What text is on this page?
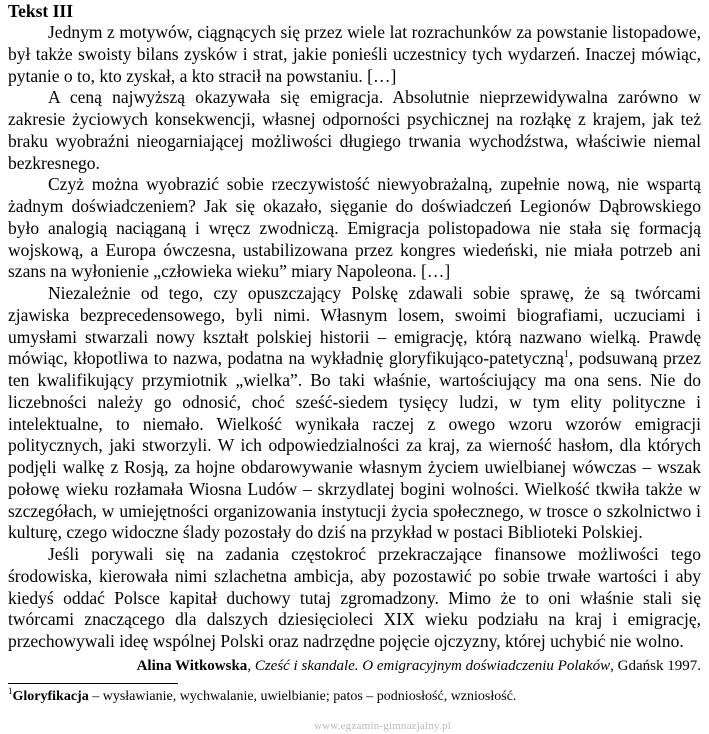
Tekst III

Jednym z motywów, ciągnących się przez wiele lat rozrachunków za powstanie listopadowe, był także swoisty bilans zysków i strat, jakie ponieśli uczestnicy tych wydarzeń. Inaczej mówiąc, pytanie o to, kto zyskał, a kto stracił na powstaniu. […]

A ceną najwyższą okazywała się emigracja. Absolutnie nieprzewidywalna zarówno w zakresie życiowych konsekwencji, własnej odporności psychicznej na rozłąkę z krajem, jak też braku wyobraźni nieogarniającej możliwości długiego trwania wychodźstwa, właściwie niemal bezkresnego.

Czyż można wyobrazić sobie rzeczywistość niewyobrażalną, zupełnie nową, nie wspartą żadnym doświadczeniem? Jak się okazało, sięganie do doświadczeń Legionów Dąbrowskiego było analogią naciąganą i wręcz zwodniczą. Emigracja polistopadowa nie stała się formacją wojskową, a Europa ówczesna, ustabilizowana przez kongres wiedeński, nie miała potrzeb ani szans na wyłonienie „człowieka wieku” miary Napoleona. […]

Niezależnie od tego, czy opuszczający Polskę zdawali sobie sprawę, że są twórcami zjawiska bezprecedensowego, byli nimi. Własnym losem, swoimi biografiami, uczuciami i umysłami stwarzali nowy kształt polskiej historii – emigrację, którą nazwano wielką. Prawdę mówiąc, kłopotliwa to nazwa, podatna na wykładnię gloryfikująco-patetyczną$^1$, podsuwaną przez ten kwalifikujący przymiotnik „wielka”. Bo taki właśnie, wartościujący ma ona sens. Nie do liczebności należy go odnosić, choć sześć-siedem tysięcy ludzi, w tym elity polityczne i intelektualne, to niemało. Wielkość wynikała raczej z owego wzoru wzorów emigracji politycznych, jaki stworzyli. W ich odpowiedzialności za kraj, za wierność hasłom, dla których podjęli walkę z Rosją, za hojne obdarowywanie własnym życiem uwielbianej wówczas – wszak połowę wieku rozłamała Wiosna Ludów – skrzydlatej bogini wolności. Wielkość tkwiła także w szczegółach, w umiejętności organizowania instytucji życia społecznego, w trosce o szkolnictwo i kulturę, czego widoczne ślady pozostały do dziś na przykład w postaci Biblioteki Polskiej.

Jeśli porywali się na zadania częstokroć przekraczające finansowe możliwości tego środowiska, kierowała nimi szlachetna ambicja, aby pozostawić po sobie trwałe wartości i aby kiedyś oddać Polsce kapitał duchowy tutaj zgromadzony. Mimo że to oni właśnie stali się twórcami znaczącego dla dalszych dziesięcioleci XIX wieku podziału na kraj i emigrację, przechowywali ideę wspólnej Polski oraz nadrzędne pojęcie ojczyzny, której uchybić nie wolno.

Alina Witkowska, Cześć i skandale. O emigracyjnym doświadczeniu Polaków, Gdańsk 1997.
$^1$Gloryfikacja – wysławianie, wychwalanie, uwielbianie; patos – podniosłość, wzniosłość.
www.egzamin-gimnazjalny.pl
